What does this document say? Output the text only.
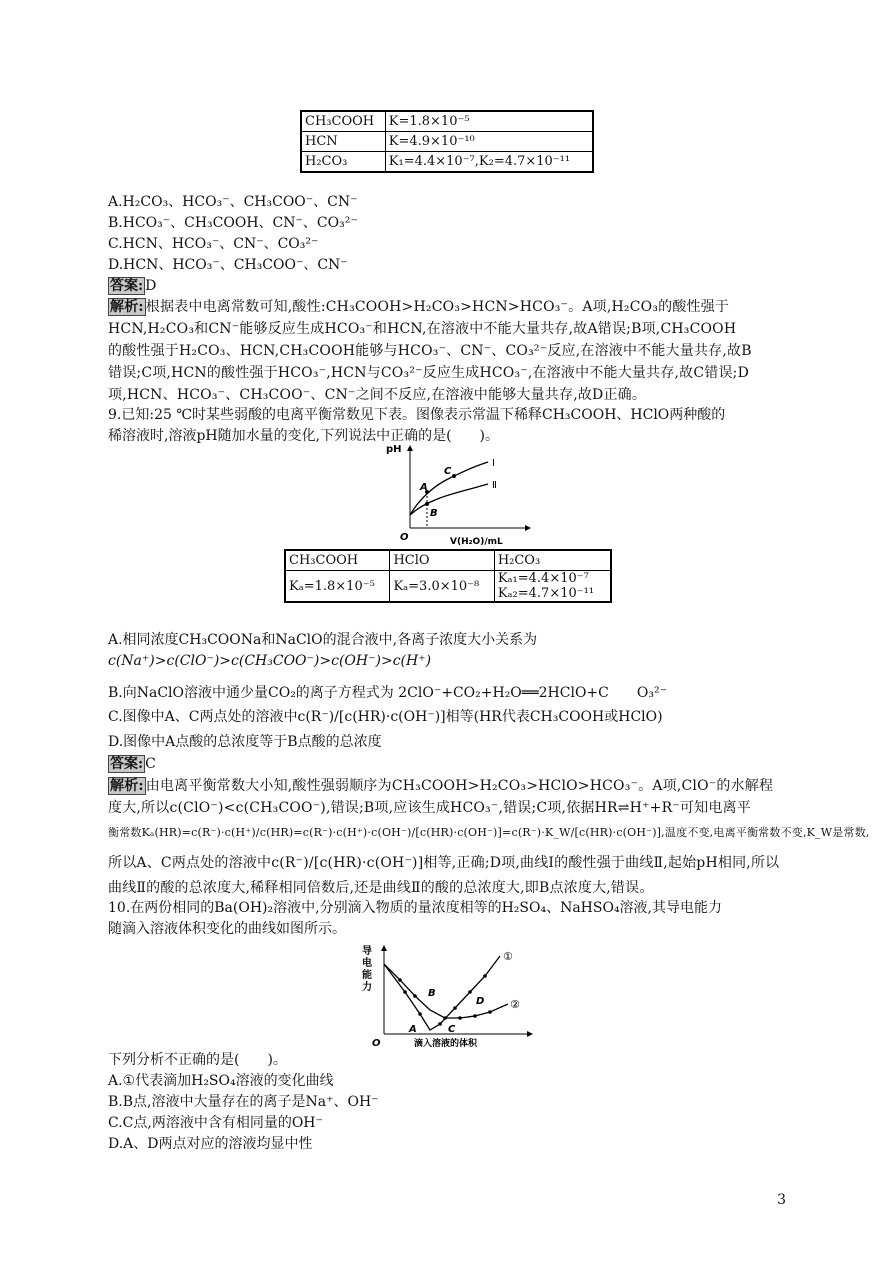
CH₃COOH	K=1.8×10⁻⁵
HCN	K=4.9×10⁻¹⁰
H₂CO₃	K₁=4.4×10⁻⁷,K₂=4.7×10⁻¹¹
A.H₂CO₃、HCO₃⁻、CH₃COO⁻、CN⁻
B.HCO₃⁻、CH₃COOH、CN⁻、CO₃²⁻
C.HCN、HCO₃⁻、CN⁻、CO₃²⁻
D.HCN、HCO₃⁻、CH₃COO⁻、CN⁻
答案: D
解析: 根据表中电离常数可知,酸性:CH₃COOH>H₂CO₃>HCN>HCO₃⁻。A项,H₂CO₃的酸性强于
HCN,H₂CO₃和CN⁻能够反应生成HCO₃⁻和HCN,在溶液中不能大量共存,故A错误;B项,CH₃COOH
的酸性强于H₂CO₃、HCN,CH₃COOH能够与HCO₃⁻、CN⁻、CO₃²⁻反应,在溶液中不能大量共存,故B
错误;C项,HCN的酸性强于HCO₃⁻,HCN与CO₃²⁻反应生成HCO₃⁻,在溶液中不能大量共存,故C错误;D
项,HCN、HCO₃⁻、CH₃COO⁻、CN⁻之间不反应,在溶液中能够大量共存,故D正确。
9.已知:25 ℃时某些弱酸的电离平衡常数见下表。图像表示常温下稀释CH₃COOH、HClO两种酸的
稀溶液时,溶液pH随加水量的变化,下列说法中正确的是(　　)。
pH
O	V(H₂O)/mL
A
B
C
Ⅰ
Ⅱ
CH₃COOH	HClO	H₂CO₃
Kₐ=1.8×10⁻⁵	Kₐ=3.0×10⁻⁸	Kₐ₁=4.4×10⁻⁷
Kₐ₂=4.7×10⁻¹¹
A.相同浓度CH₃COONa和NaClO的混合液中,各离子浓度大小关系为
c(Na⁺)>c(ClO⁻)>c(CH₃COO⁻)>c(OH⁻)>c(H⁺)
B.向NaClO溶液中通少量CO₂的离子方程式为 2ClO⁻+CO₂+H₂O══2HClO+C　　O₃²⁻
C.图像中A、C两点处的溶液中c(R⁻)/[c(HR)·c(OH⁻)]相等(HR代表CH₃COOH或HClO)
D.图像中A点酸的总浓度等于B点酸的总浓度
答案: C
解析: 由电离平衡常数大小知,酸性强弱顺序为CH₃COOH>H₂CO₃>HClO>HCO₃⁻。A项,ClO⁻的水解程
度大,所以c(ClO⁻)<c(CH₃COO⁻),错误;B项,应该生成HCO₃⁻,错误;C项,依据HR⇌H⁺+R⁻可知电离平
衡常数Kₐ(HR)=c(R⁻)·c(H⁺)/c(HR)=c(R⁻)·c(H⁺)·c(OH⁻)/[c(HR)·c(OH⁻)]=c(R⁻)·K_W/[c(HR)·c(OH⁻)],温度不变,电离平衡常数不变,K_W是常数,
所以A、C两点处的溶液中c(R⁻)/[c(HR)·c(OH⁻)]相等,正确;D项,曲线Ⅰ的酸性强于曲线Ⅱ,起始pH相同,所以
曲线Ⅱ的酸的总浓度大,稀释相同倍数后,还是曲线Ⅱ的酸的总浓度大,即B点浓度大,错误。
10.在两份相同的Ba(OH)₂溶液中,分别滴入物质的量浓度相等的H₂SO₄、NaHSO₄溶液,其导电能力
随滴入溶液体积变化的曲线如图所示。
导
电
能
力
O	滴入溶液的体积
A
B
C
D
①
②
下列分析不正确的是(　　)。
A.①代表滴加H₂SO₄溶液的变化曲线
B.B点,溶液中大量存在的离子是Na⁺、OH⁻
C.C点,两溶液中含有相同量的OH⁻
D.A、D两点对应的溶液均显中性
3
